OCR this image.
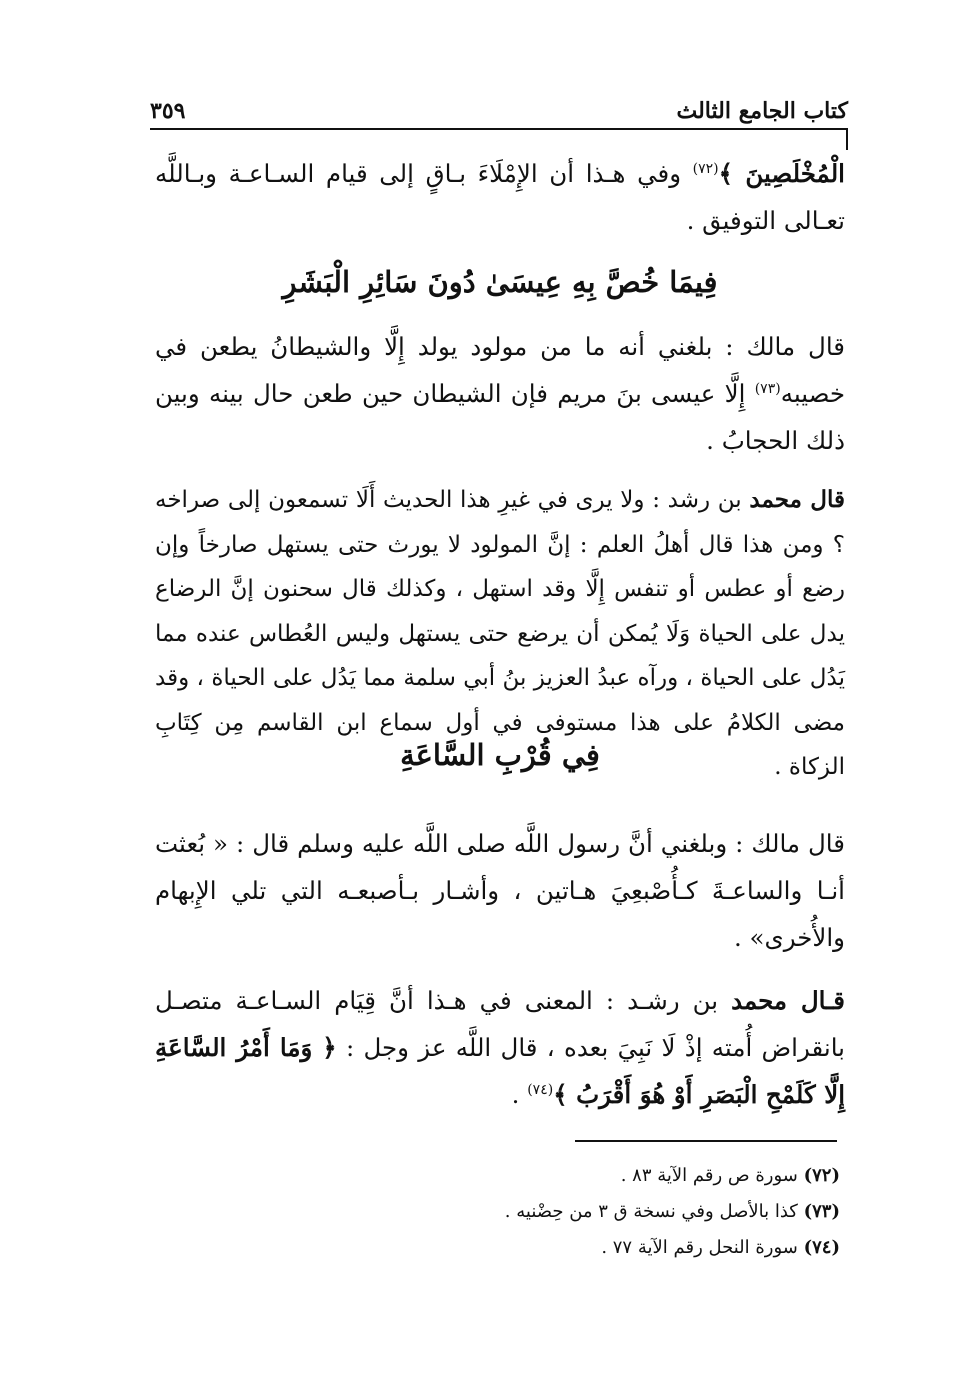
كتاب الجامع الثالث
٣٥٩
الْمُخْلَصِينَ ﴾$^{(٧٢)}$ وفي هـذا أن الإِمْلَاءَ بـاقٍ إلى قيام السـاعـة وبـاللَّه تعـالى التوفيق .
فِيمَا خُصَّ بِهِ عِيسَىٰ دُونَ سَائِرِ الْبَشَرِ
قال مالك : بلغني أنه ما من مولود يولد إِلَّا والشيطانُ يطعن في خصيبه$^{(٧٣)}$ إِلَّا عيسى بنَ مريم فإن الشيطان حين طعن حال بينه وبين ذلك الحجابُ .
قال محمد بن رشد : ولا يرى في غيرِ هذا الحديث أَلَا تسمعون إلى صراخه ؟ ومن هذا قال أهلُ العلم : إنَّ المولود لا يورث حتى يستهل صارخاً وإن رضع أو عطس أو تنفس إِلَّا وقد استهل ، وكذلك قال سحنون إنَّ الرضاع يدل على الحياة وَلَا يُمكن أن يرضع حتى يستهل وليس العُطاس عنده مما يَدُل على الحياة ، ورآه عبدُ العزيز بنُ أبي سلمة مما يَدُل على الحياة ، وقد مضى الكلامُ على هذا مستوفى في أول سماع ابن القاسم مِن كِتَابِ الزكاة .
فِي قُرْبِ السَّاعَةِ
قال مالك : وبلغني أنَّ رسول اللَّه صلى اللَّه عليه وسلم قال : « بُعثت أنـا والساعـةَ كـأُصْبعِيَ هـاتين ، وأشـار بـأصبعـه التي تلي الإِبهام والأُخرى» .
قـال محمد بن رشـد : المعنى في هـذا أنَّ قِيَام السـاعـة متصـل بانقراض أُمته إذْ لَا نَبِيَ بعده ، قال اللَّه عز وجل : ﴿ وَمَا أَمْرُ السَّاعَةِ إِلَّا كَلَمْحِ الْبَصَرِ أَوْ هُوَ أَقْرَبُ ﴾$^{(٧٤)}$ .
(٧٢) سورة ص رقم الآية ٨٣ .
(٧٣) كذا بالأصل وفي نسخة ق ٣ من حِضْنيه .
(٧٤) سورة النحل رقم الآية ٧٧ .
